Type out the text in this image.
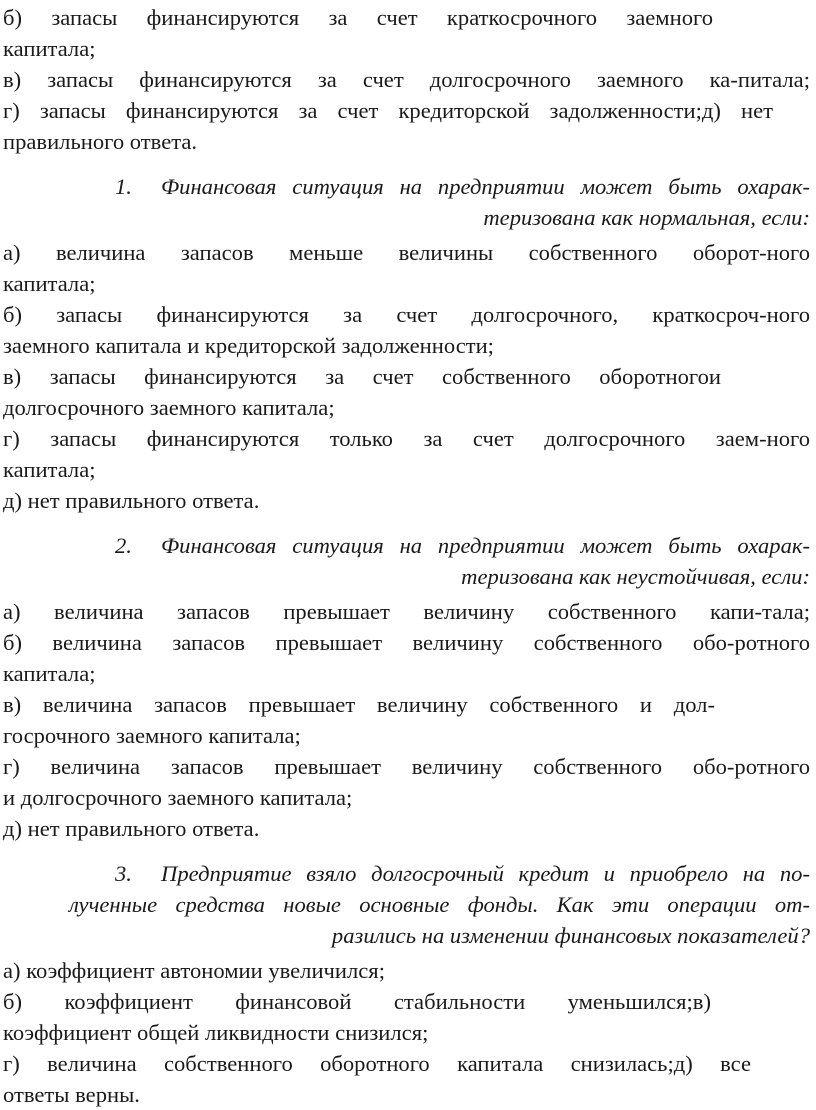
б) запасы финансируются за счет краткосрочного заемного
капитала;
в) запасы финансируются за счет долгосрочного заемного ка-питала;
г) запасы финансируются за счет кредиторской задолженности;д) нет
правильного ответа.
1. Финансовая ситуация на предприятии может быть охарак-
теризована как нормальная, если:
а) величина запасов меньше величины собственного оборот-ного
капитала;
б) запасы финансируются за счет долгосрочного, краткосроч-ного
заемного капитала и кредиторской задолженности;
в) запасы финансируются за счет собственного оборотногои
долгосрочного заемного капитала;
г) запасы финансируются только за счет долгосрочного заем-ного
капитала;
д) нет правильного ответа.
2. Финансовая ситуация на предприятии может быть охарак-
теризована как неустойчивая, если:
а) величина запасов превышает величину собственного капи-тала;
б) величина запасов превышает величину собственного обо-ротного
капитала;
в) величина запасов превышает величину собственного и дол-
госрочного заемного капитала;
г) величина запасов превышает величину собственного обо-ротного
и долгосрочного заемного капитала;
д) нет правильного ответа.
3. Предприятие взяло долгосрочный кредит и приобрело на по-
лученные средства новые основные фонды. Как эти операции от-
разились на изменении финансовых показателей?
а) коэффициент автономии увеличился;
б) коэффициент финансовой стабильности уменьшился;в)
коэффициент общей ликвидности снизился;
г) величина собственного оборотного капитала снизилась;д) все
ответы верны.
